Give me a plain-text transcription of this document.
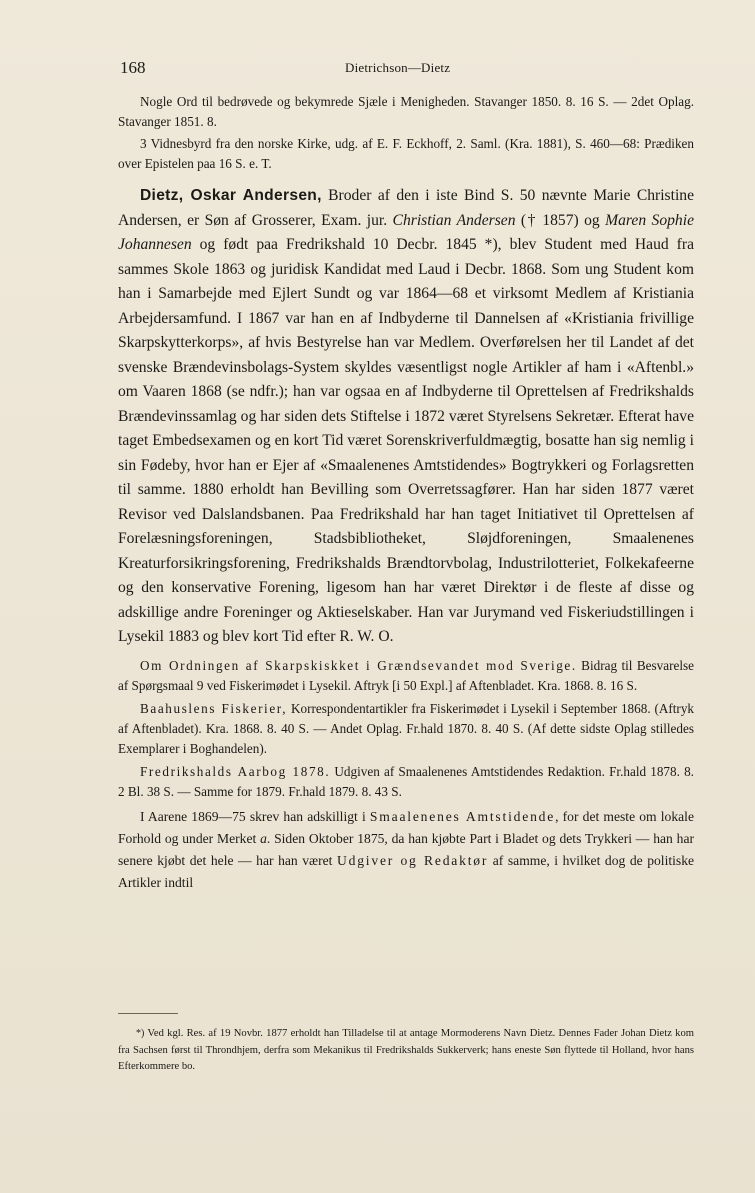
168	Dietrichson—Dietz

Nogle Ord til bedrøvede og bekymrede Sjæle i Menigheden. Stavanger 1850. 8. 16 S. — 2det Oplag. Stavanger 1851. 8.

3 Vidnesbyrd fra den norske Kirke, udg. af E. F. Eckhoff, 2. Saml. (Kra. 1881), S. 460—68: Prædiken over Epistelen paa 16 S. e. T.

Dietz, Oskar Andersen, Broder af den i iste Bind S. 50 nævnte Marie Christine Andersen, er Søn af Grosserer, Exam. jur. Christian Andersen († 1857) og Maren Sophie Johannesen og født paa Fredrikshald 10 Decbr. 1845 *), blev Student med Haud fra sammes Skole 1863 og juridisk Kandidat med Laud i Decbr. 1868. Som ung Student kom han i Samarbejde med Ejlert Sundt og var 1864—68 et virksomt Medlem af Kristiania Arbejdersamfund. I 1867 var han en af Indbyderne til Dannelsen af «Kristiania frivillige Skarpskytterkorps», af hvis Bestyrelse han var Medlem. Overførelsen her til Landet af det svenske Brændevinsbolags-System skyldes væsentligst nogle Artikler af ham i «Aftenbl.» om Vaaren 1868 (se ndfr.); han var ogsaa en af Indbyderne til Oprettelsen af Fredrikshalds Brændevinssamlag og har siden dets Stiftelse i 1872 været Styrelsens Sekretær. Efterat have taget Embedsexamen og en kort Tid været Sorenskriverfuldmægtig, bosatte han sig nemlig i sin Fødeby, hvor han er Ejer af «Smaalenenes Amtstidendes» Bogtrykkeri og Forlagsretten til samme. 1880 erholdt han Bevilling som Overretssagfører. Han har siden 1877 været Revisor ved Dalslandsbanen. Paa Fredrikshald har han taget Initiativet til Oprettelsen af Forelæsningsforeningen, Stadsbibliotheket, Sløjdforeningen, Smaalenenes Kreaturforsikringsforening, Fredrikshalds Brændtorvbolag, Industrilotteriet, Folkekafeerne og den konservative Forening, ligesom han har været Direktør i de fleste af disse og adskillige andre Foreninger og Aktieselskaber. Han var Jurymand ved Fiskeriudstillingen i Lysekil 1883 og blev kort Tid efter R. W. O.

Om Ordningen af Skarpskiskket i Grændsevandet mod Sverige. Bidrag til Besvarelse af Spørgsmaal 9 ved Fiskerimødet i Lysekil. Aftryk [i 50 Expl.] af Aftenbladet. Kra. 1868. 8. 16 S.

Baahuslens Fiskerier, Korrespondentartikler fra Fiskerimødet i Lysekil i September 1868. (Aftryk af Aftenbladet). Kra. 1868. 8. 40 S. — Andet Oplag. Fr.hald 1870. 8. 40 S. (Af dette sidste Oplag stilledes Exemplarer i Boghandelen).

Fredrikshalds Aarbog 1878. Udgiven af Smaalenenes Amtstidendes Redaktion. Fr.hald 1878. 8. 2 Bl. 38 S. — Samme for 1879. Fr.hald 1879. 8. 43 S.

I Aarene 1869—75 skrev han adskilligt i Smaalenenes Amtstidende, for det meste om lokale Forhold og under Merket a. Siden Oktober 1875, da han kjøbte Part i Bladet og dets Trykkeri — han har senere kjøbt det hele — har han været Udgiver og Redaktør af samme, i hvilket dog de politiske Artikler indtil

*) Ved kgl. Res. af 19 Novbr. 1877 erholdt han Tilladelse til at antage Mormoderens Navn Dietz. Dennes Fader Johan Dietz kom fra Sachsen først til Throndhjem, derfra som Mekanikus til Fredrikshalds Sukkerverk; hans eneste Søn flyttede til Holland, hvor hans Efterkommere bo.
